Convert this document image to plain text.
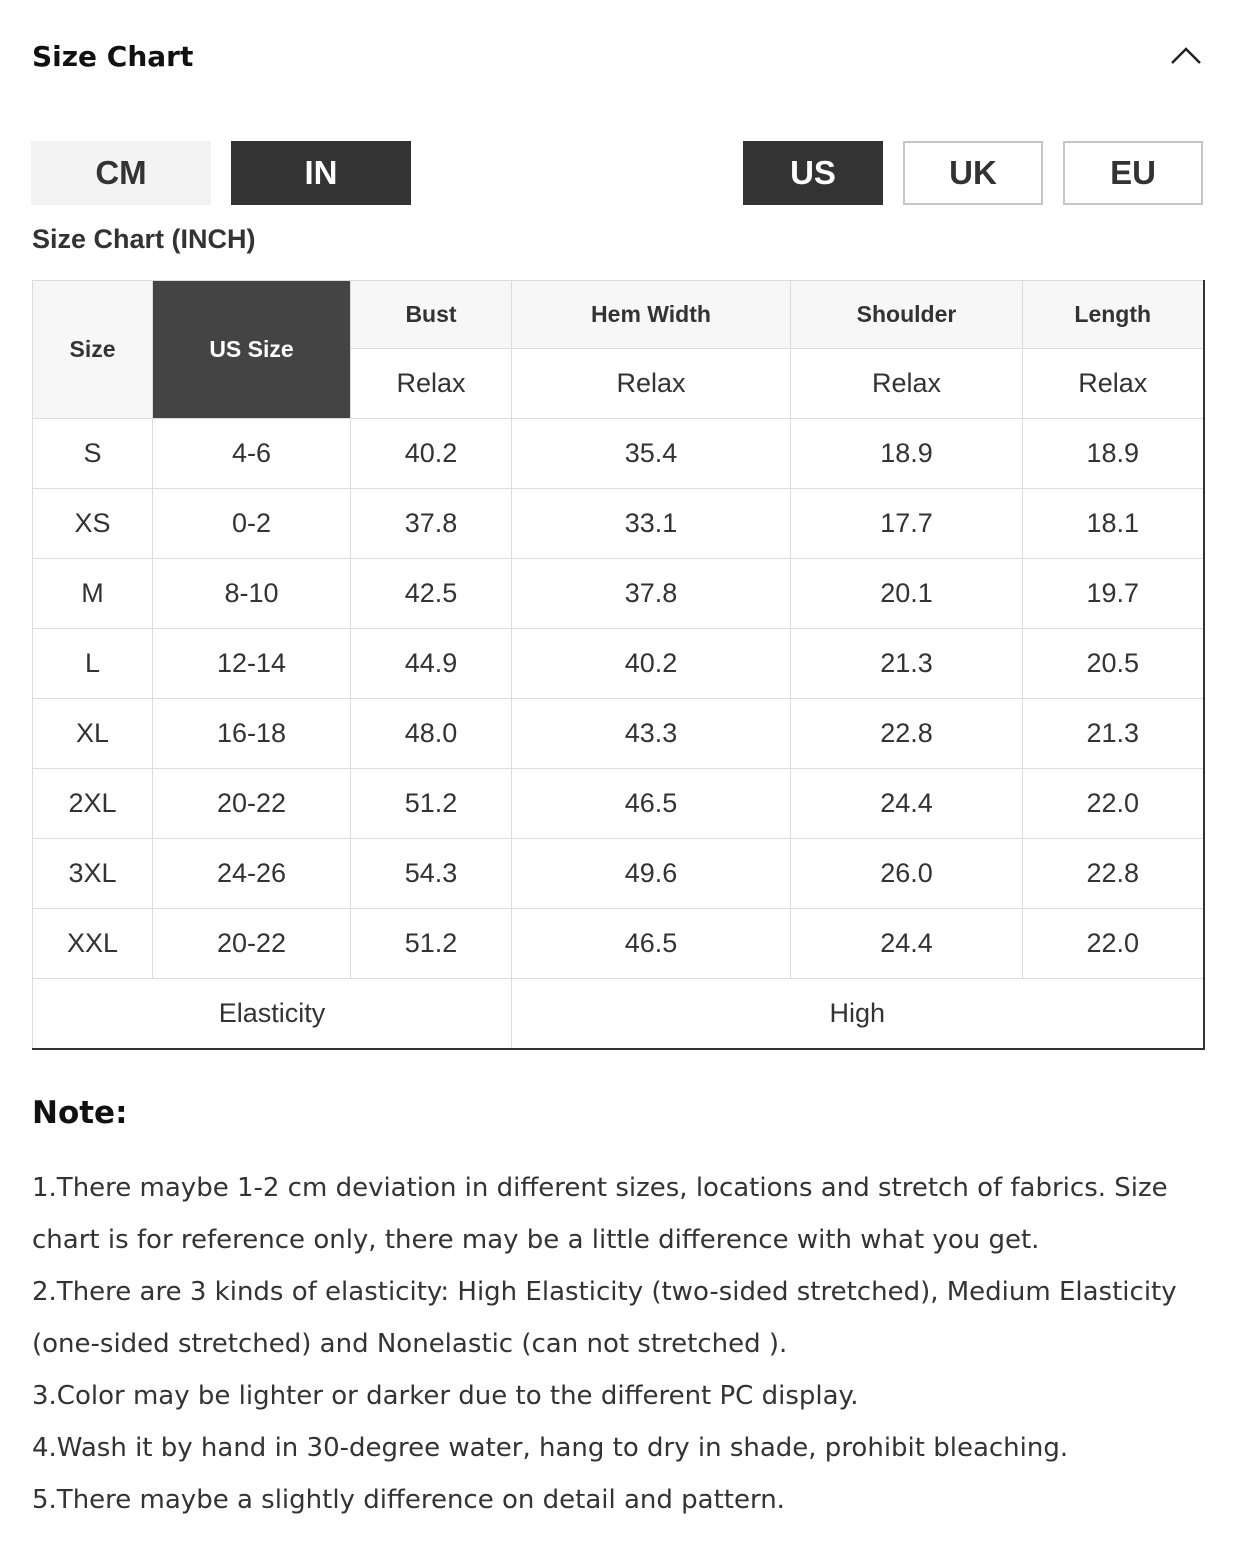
Size Chart
CM	IN	US	UK	EU
Size Chart (INCH)
Size	US Size	Bust	Hem Width	Shoulder	Length
		Relax	Relax	Relax	Relax
S	4-6	40.2	35.4	18.9	18.9
XS	0-2	37.8	33.1	17.7	18.1
M	8-10	42.5	37.8	20.1	19.7
L	12-14	44.9	40.2	21.3	20.5
XL	16-18	48.0	43.3	22.8	21.3
2XL	20-22	51.2	46.5	24.4	22.0
3XL	24-26	54.3	49.6	26.0	22.8
XXL	20-22	51.2	46.5	24.4	22.0
Elasticity			High		
Note:

1.There maybe 1-2 cm deviation in different sizes, locations and stretch of fabrics. Size chart is for reference only, there may be a little difference with what you get.

2.There are 3 kinds of elasticity: High Elasticity (two-sided stretched), Medium Elasticity (one-sided stretched) and Nonelastic (can not stretched ).

3.Color may be lighter or darker due to the different PC display.

4.Wash it by hand in 30-degree water, hang to dry in shade, prohibit bleaching.

5.There maybe a slightly difference on detail and pattern.
